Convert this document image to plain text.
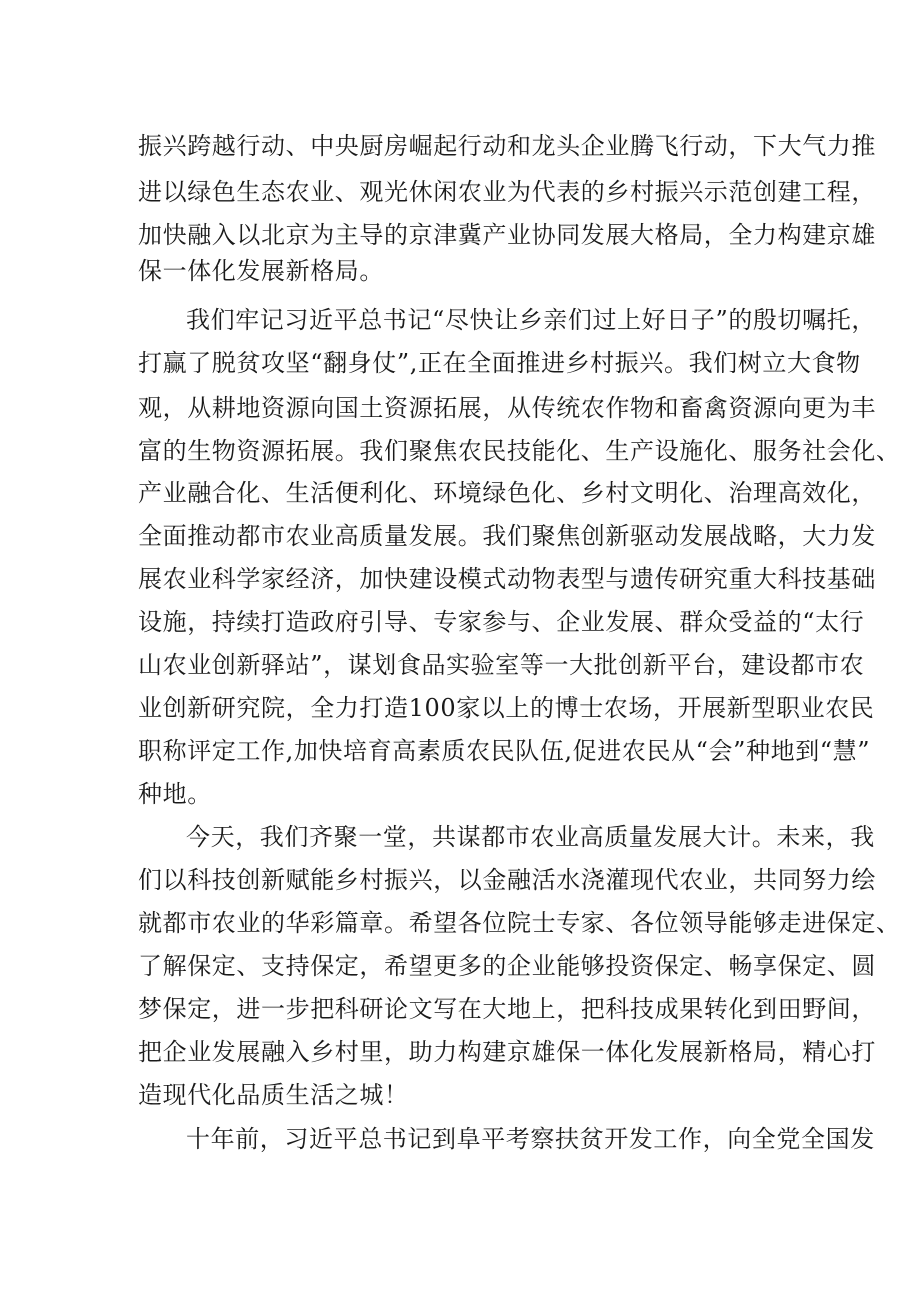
振兴跨越行动、中央厨房崛起行动和龙头企业腾飞行动，下大气力推
进以绿色生态农业、观光休闲农业为代表的乡村振兴示范创建工程，
加快融入以北京为主导的京津冀产业协同发展大格局，全力构建京雄
保一体化发展新格局。
我们牢记习近平总书记“尽快让乡亲们过上好日子”的殷切嘱托，
打赢了脱贫攻坚“翻身仗”,正在全面推进乡村振兴。我们树立大食物
观，从耕地资源向国土资源拓展，从传统农作物和畜禽资源向更为丰
富的生物资源拓展。我们聚焦农民技能化、生产设施化、服务社会化、
产业融合化、生活便利化、环境绿色化、乡村文明化、治理高效化，
全面推动都市农业高质量发展。我们聚焦创新驱动发展战略，大力发
展农业科学家经济，加快建设模式动物表型与遗传研究重大科技基础
设施，持续打造政府引导、专家参与、企业发展、群众受益的“太行
山农业创新驿站”，谋划食品实验室等一大批创新平台，建设都市农
业创新研究院，全力打造100家以上的博士农场，开展新型职业农民
职称评定工作,加快培育高素质农民队伍,促进农民从“会”种地到“慧”
种地。
今天，我们齐聚一堂，共谋都市农业高质量发展大计。未来，我
们以科技创新赋能乡村振兴，以金融活水浇灌现代农业，共同努力绘
就都市农业的华彩篇章。希望各位院士专家、各位领导能够走进保定、
了解保定、支持保定，希望更多的企业能够投资保定、畅享保定、圆
梦保定，进一步把科研论文写在大地上，把科技成果转化到田野间，
把企业发展融入乡村里，助力构建京雄保一体化发展新格局，精心打
造现代化品质生活之城！
十年前，习近平总书记到阜平考察扶贫开发工作，向全党全国发
